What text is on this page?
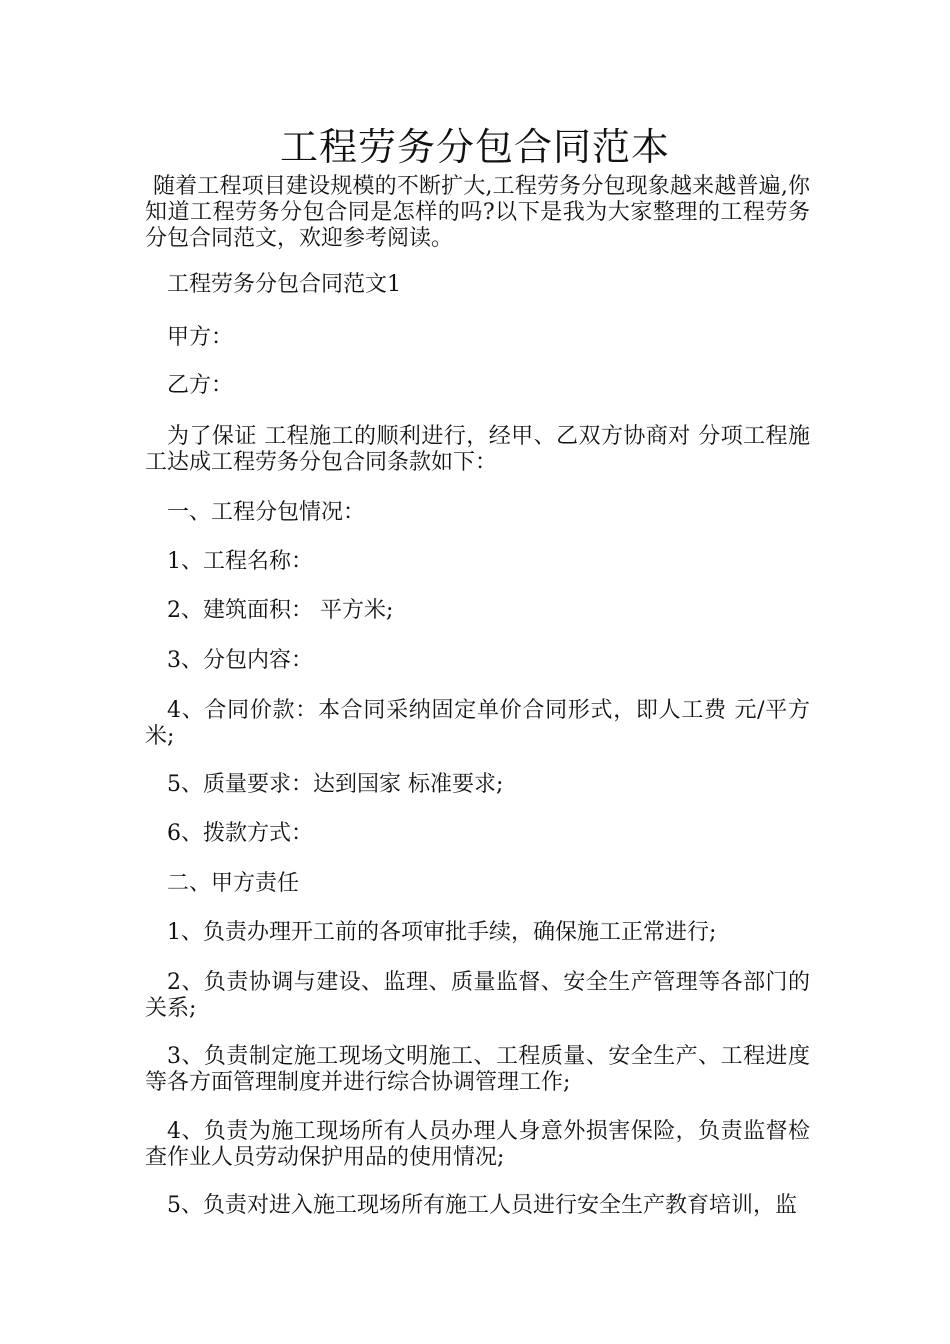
工程劳务分包合同范本
随着工程项目建设规模的不断扩大,工程劳务分包现象越来越普遍,你知道工程劳务分包合同是怎样的吗?以下是我为大家整理的工程劳务分包合同范文，欢迎参考阅读。
工程劳务分包合同范文1
甲方：
乙方：
为了保证 工程施工的顺利进行，经甲、乙双方协商对 分项工程施工达成工程劳务分包合同条款如下：
一、工程分包情况：
1、工程名称：
2、建筑面积： 平方米;
3、分包内容：
4、合同价款：本合同采纳固定单价合同形式，即人工费 元/平方米;
5、质量要求：达到国家 标准要求;
6、拨款方式：
二、甲方责任
1、负责办理开工前的各项审批手续，确保施工正常进行;
2、负责协调与建设、监理、质量监督、安全生产管理等各部门的关系;
3、负责制定施工现场文明施工、工程质量、安全生产、工程进度等各方面管理制度并进行综合协调管理工作;
4、负责为施工现场所有人员办理人身意外损害保险，负责监督检查作业人员劳动保护用品的使用情况;
5、负责对进入施工现场所有施工人员进行安全生产教育培训，监
